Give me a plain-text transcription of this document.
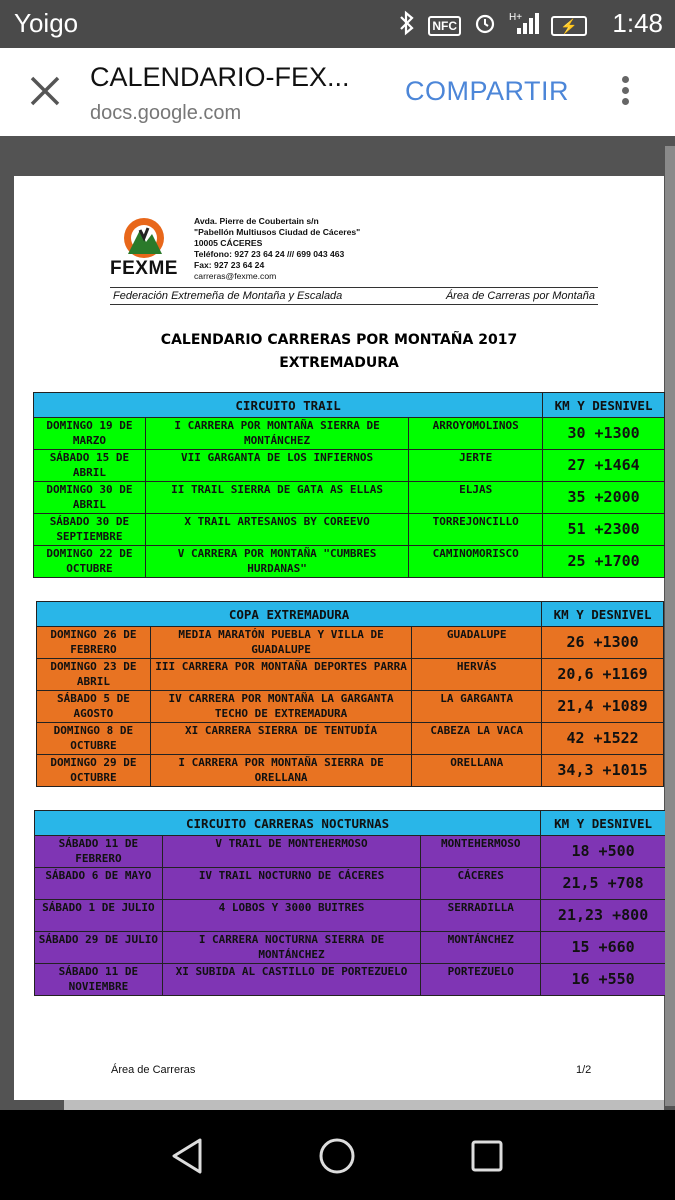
Yoigo	NFC
H+
⚡	1:48
CALENDARIO-FEX...
docs.google.com
COMPARTIR
FEXME
Avda. Pierre de Coubertain s/n
"Pabellón Multiusos Ciudad de Cáceres"
10005 CÁCERES
Teléfono: 927 23 64 24 /// 699 043 463
Fax: 927 23 64 24
carreras@fexme.com
Federación Extremeña de Montaña y Escalada	Área de Carreras por Montaña
CALENDARIO CARRERAS POR MONTAÑA 2017
EXTREMADURA
CIRCUITO TRAIL			KM Y DESNIVEL
DOMINGO 19 DE MARZO	I CARRERA POR MONTAÑA SIERRA DE MONTÁNCHEZ	ARROYOMOLINOS	30 +1300
SÁBADO 15 DE ABRIL	VII GARGANTA DE LOS INFIERNOS	JERTE	27 +1464
DOMINGO 30 DE ABRIL	II TRAIL SIERRA DE GATA AS ELLAS	ELJAS	35 +2000
SÁBADO 30 DE SEPTIEMBRE	X TRAIL ARTESANOS BY COREEVO	TORREJONCILLO	51 +2300
DOMINGO 22 DE OCTUBRE	V CARRERA POR MONTAÑA "CUMBRES HURDANAS"	CAMINOMORISCO	25 +1700
COPA EXTREMADURA			KM Y DESNIVEL
DOMINGO 26 DE FEBRERO	MEDIA MARATÓN PUEBLA Y VILLA DE GUADALUPE	GUADALUPE	26 +1300
DOMINGO 23 DE ABRIL	III CARRERA POR MONTAÑA DEPORTES PARRA	HERVÁS	20,6 +1169
SÁBADO 5 DE AGOSTO	IV CARRERA POR MONTAÑA LA GARGANTA TECHO DE EXTREMADURA	LA GARGANTA	21,4 +1089
DOMINGO 8 DE OCTUBRE	XI CARRERA SIERRA DE TENTUDÍA	CABEZA LA VACA	42 +1522
DOMINGO 29 DE OCTUBRE	I CARRERA POR MONTAÑA SIERRA DE ORELLANA	ORELLANA	34,3 +1015
CIRCUITO CARRERAS NOCTURNAS			KM Y DESNIVEL
SÁBADO 11 DE FEBRERO	V TRAIL DE MONTEHERMOSO	MONTEHERMOSO	18 +500
SÁBADO 6 DE MAYO	IV TRAIL NOCTURNO DE CÁCERES	CÁCERES	21,5 +708
SÁBADO 1 DE JULIO	4 LOBOS Y 3000 BUITRES	SERRADILLA	21,23 +800
SÁBADO 29 DE JULIO	I CARRERA NOCTURNA SIERRA DE MONTÁNCHEZ	MONTÁNCHEZ	15 +660
SÁBADO 11 DE NOVIEMBRE	XI SUBIDA AL CASTILLO DE PORTEZUELO	PORTEZUELO	16 +550
Área de Carreras	1/2
